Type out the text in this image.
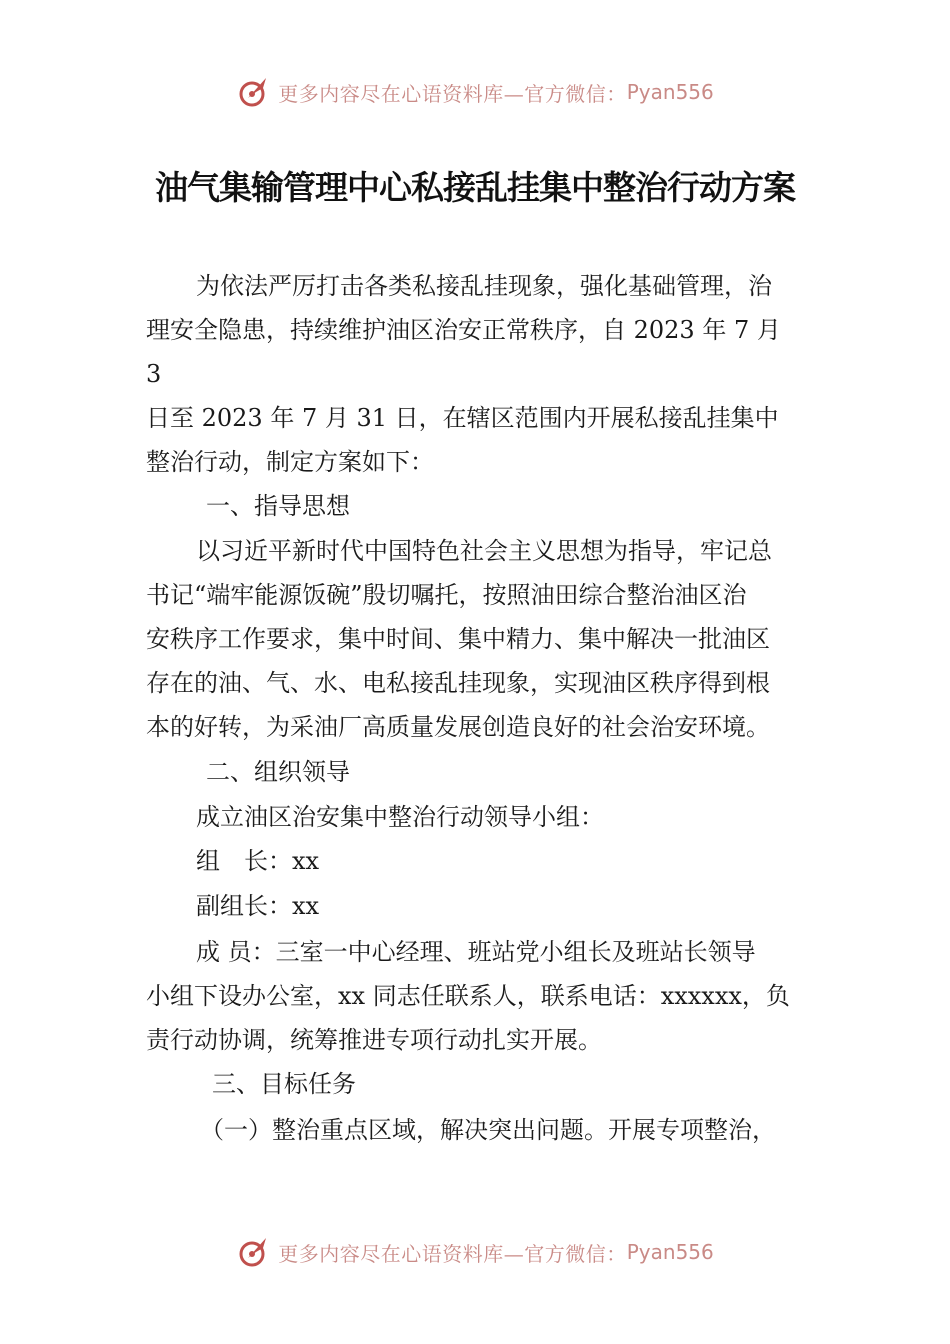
更多内容尽在心语资料库—官方微信： Pyan556
油气集输管理中心私接乱挂集中整治行动方案

为依法严厉打击各类私接乱挂现象，强化基础管理，治

理安全隐患，持续维护油区治安正常秩序，自 2023 年 7 月

3

日至 2023 年 7 月 31 日，在辖区范围内开展私接乱挂集中

整治行动，制定方案如下：

一、指导思想

以习近平新时代中国特色社会主义思想为指导，牢记总

书记“端牢能源饭碗”殷切嘱托，按照油田综合整治油区治

安秩序工作要求，集中时间、集中精力、集中解决一批油区

存在的油、气、水、电私接乱挂现象，实现油区秩序得到根

本的好转，为采油厂高质量发展创造良好的社会治安环境。

二、组织领导

成立油区治安集中整治行动领导小组：

组　长：xx

副组长：xx

成 员：三室一中心经理、班站党小组长及班站长领导

小组下设办公室，xx 同志任联系人，联系电话：xxxxxx，负

责行动协调，统筹推进专项行动扎实开展。

三、目标任务

（一）整治重点区域，解决突出问题。开展专项整治，

更多内容尽在心语资料库—官方微信： Pyan556
